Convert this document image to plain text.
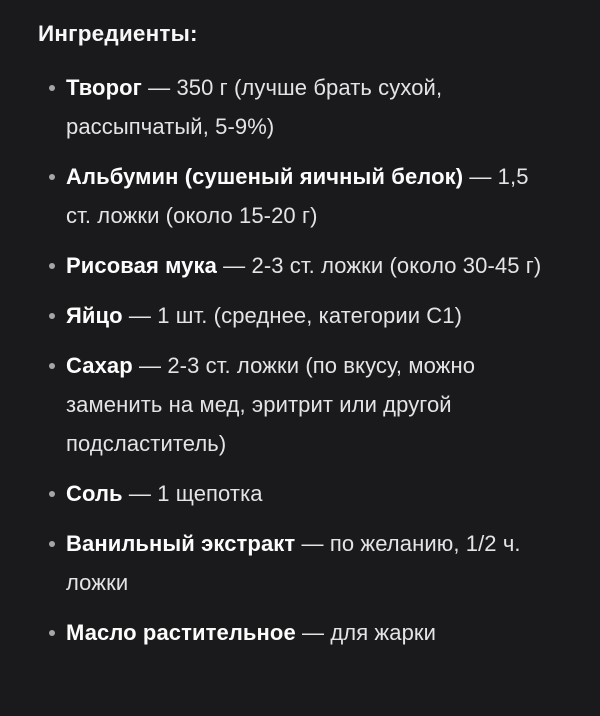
Ингредиенты:
Творог — 350 г (лучше брать сухой, рассыпчатый, 5-9%)
Альбумин (сушеный яичный белок) — 1,5 ст. ложки (около 15-20 г)
Рисовая мука — 2-3 ст. ложки (около 30-45 г)
Яйцо — 1 шт. (среднее, категории С1)
Сахар — 2-3 ст. ложки (по вкусу, можно заменить на мед, эритрит или другой подсластитель)
Соль — 1 щепотка
Ванильный экстракт — по желанию, 1/2 ч. ложки
Масло растительное — для жарки
